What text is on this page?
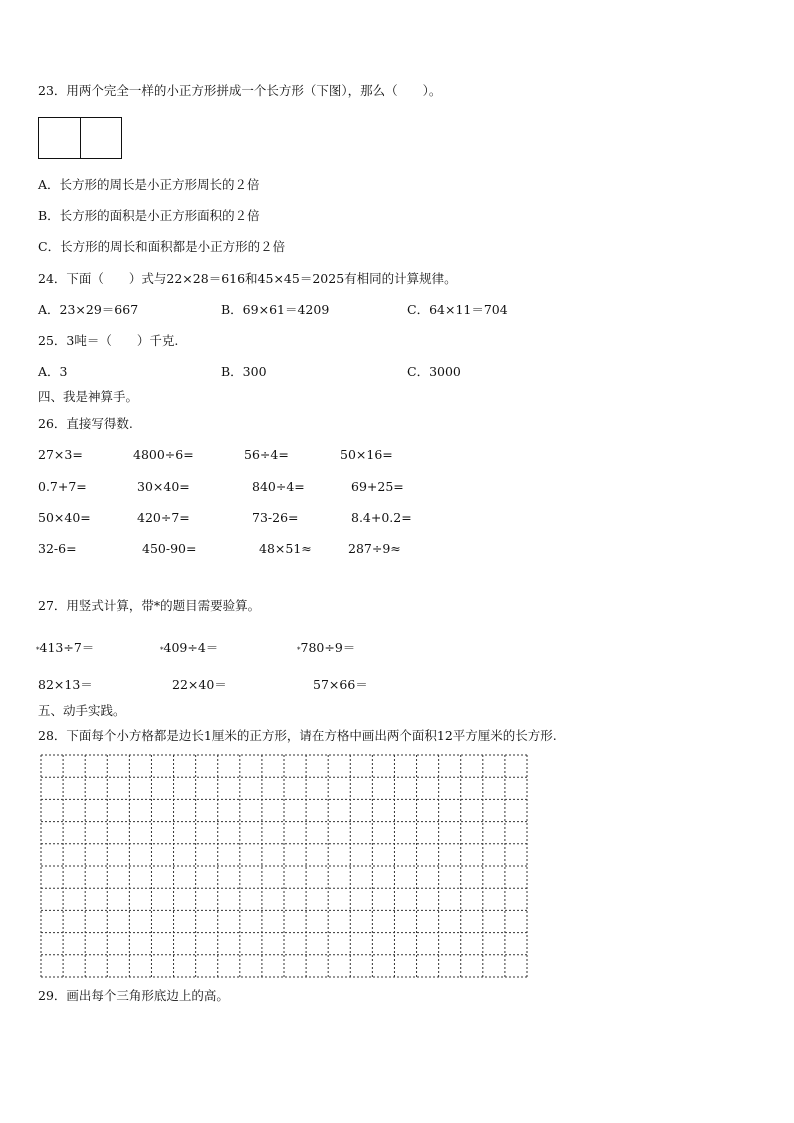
23．用两个完全一样的小正方形拼成一个长方形（下图），那么（　　）。
A．长方形的周长是小正方形周长的２倍
B．长方形的面积是小正方形面积的２倍
C．长方形的周长和面积都是小正方形的２倍
24．下面（　　）式与22×28＝616和45×45＝2025有相同的计算规律。
A．23×29＝667	B．69×61＝4209	C．64×11＝704
25．3吨＝（　　）千克.
A．3	B．300	C．3000
四、我是神算手。
26．直接写得数.
27×3=	4800÷6=	56÷4=	50×16=
0.7+7=	30×40=	840÷4=	69+25=
50×40=	420÷7=	73-26=	8.4+0.2=
32-6=	450-90=	48×51≈	287÷9≈
27．用竖式计算，带*的题目需要验算。
*413÷7＝	*409÷4＝	*780÷9＝
82×13＝	22×40＝	57×66＝
五、动手实践。
28．下面每个小方格都是边长1厘米的正方形，请在方格中画出两个面积12平方厘米的长方形.
29．画出每个三角形底边上的高。
